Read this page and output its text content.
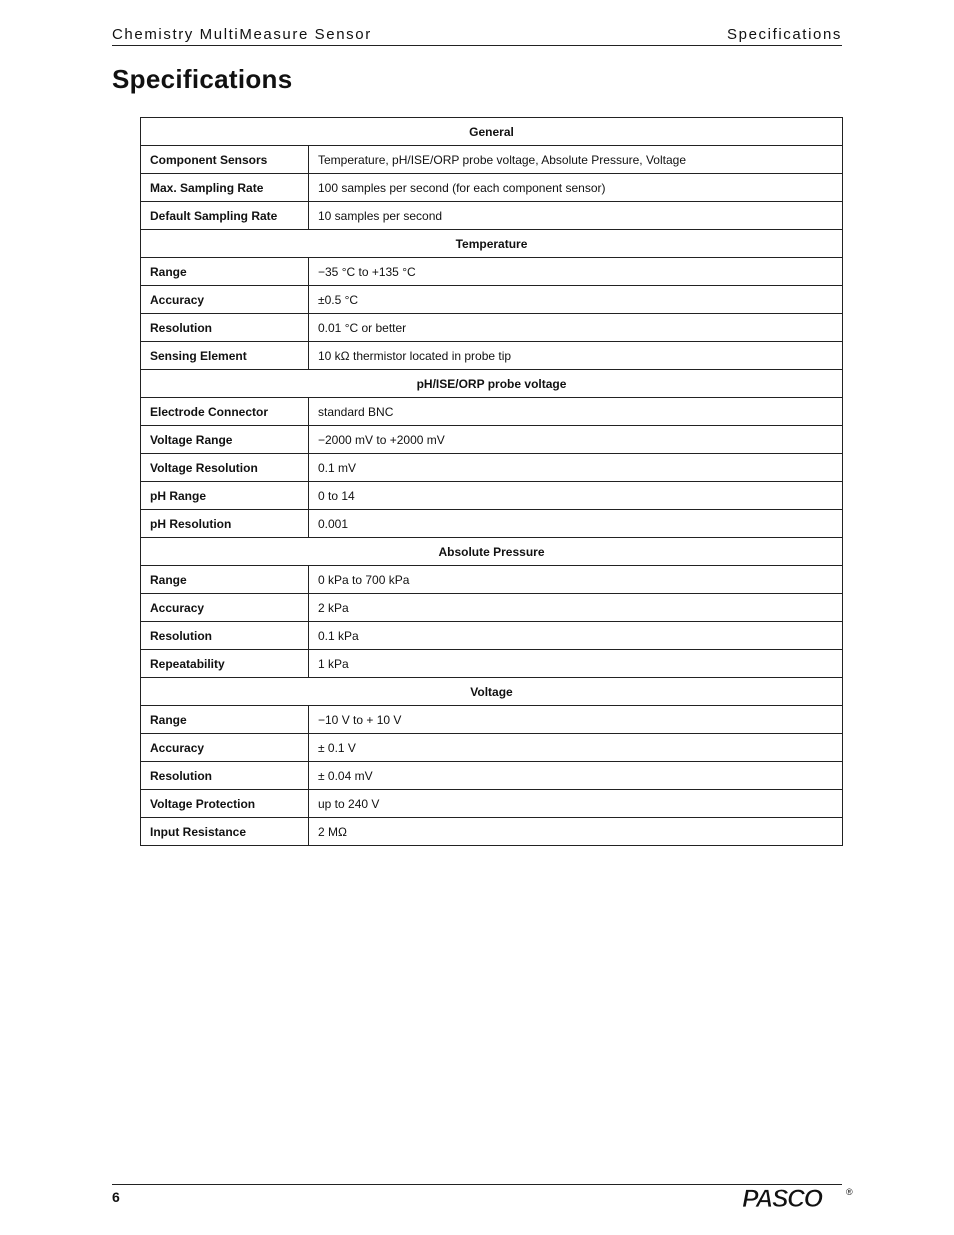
Chemistry MultiMeasure Sensor	Specifications
Specifications
General	
Component Sensors	Temperature, pH/ISE/ORP probe voltage, Absolute Pressure, Voltage
Max. Sampling Rate	100 samples per second (for each component sensor)
Default Sampling Rate	10 samples per second
Temperature	
Range	−35 °C to +135 °C
Accuracy	±0.5 °C
Resolution	0.01 °C or better
Sensing Element	10 kΩ thermistor located in probe tip
pH/ISE/ORP probe voltage	
Electrode Connector	standard BNC
Voltage Range	−2000 mV to +2000 mV
Voltage Resolution	0.1 mV
pH Range	0 to 14
pH Resolution	0.001
Absolute Pressure	
Range	0 kPa to 700 kPa
Accuracy	2 kPa
Resolution	0.1 kPa
Repeatability	1 kPa
Voltage	
Range	−10 V to + 10 V
Accuracy	± 0.1 V
Resolution	± 0.04 mV
Voltage Protection	up to 240 V
Input Resistance	2 MΩ
6	PASCO	®
